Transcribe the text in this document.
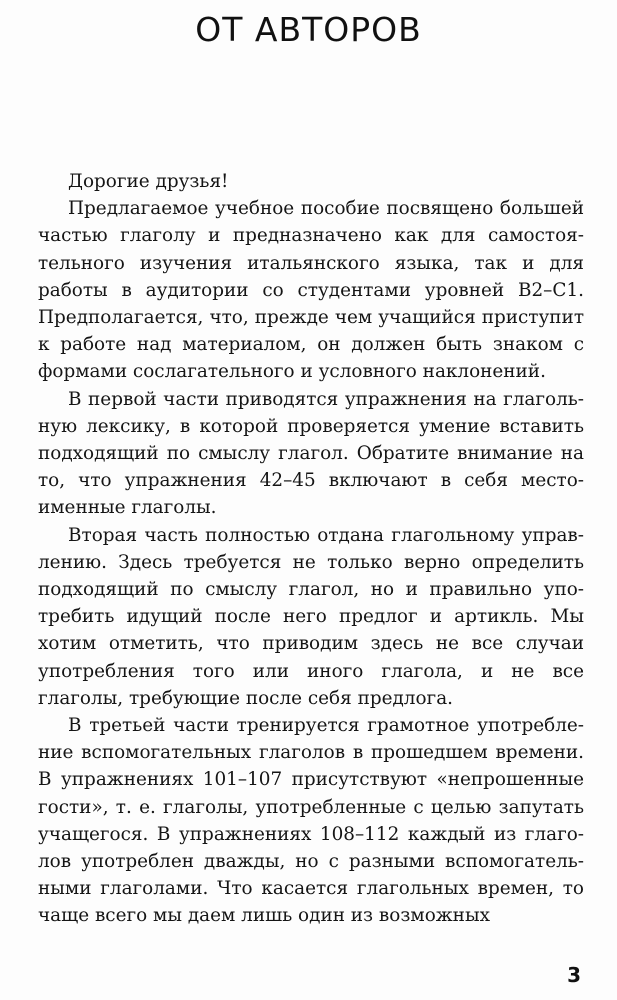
ОТ АВТОРОВ

Дорогие друзья!

Предлагаемое учебное пособие посвящено большей частью глаголу и предназначено как для самостоятельного изучения итальянского языка, так и для работы в аудитории со студентами уровней B2–C1. Предполагается, что, прежде чем учащийся приступит к работе над материалом, он должен быть знаком с формами сослагательного и условного наклонений.

В первой части приводятся упражнения на глагольную лексику, в которой проверяется умение вставить подходящий по смыслу глагол. Обратите внимание на то, что упражнения 42–45 включают в себя местоименные глаголы.

Вторая часть полностью отдана глагольному управлению. Здесь требуется не только верно определить подходящий по смыслу глагол, но и правильно употребить идущий после него предлог и артикль. Мы хотим отметить, что приводим здесь не все случаи употребления того или иного глагола, и не все глаголы, требующие после себя предлога.

В третьей части тренируется грамотное употребление вспомогательных глаголов в прошедшем времени. В упражнениях 101–107 присутствуют «непрошенные гости», т. е. глаголы, употребленные с целью запутать учащегося. В упражнениях 108–112 каждый из глаголов употреблен дважды, но с разными вспомогательными глаголами. Что касается глагольных времен, то чаще всего мы даем лишь один из возможных

3
